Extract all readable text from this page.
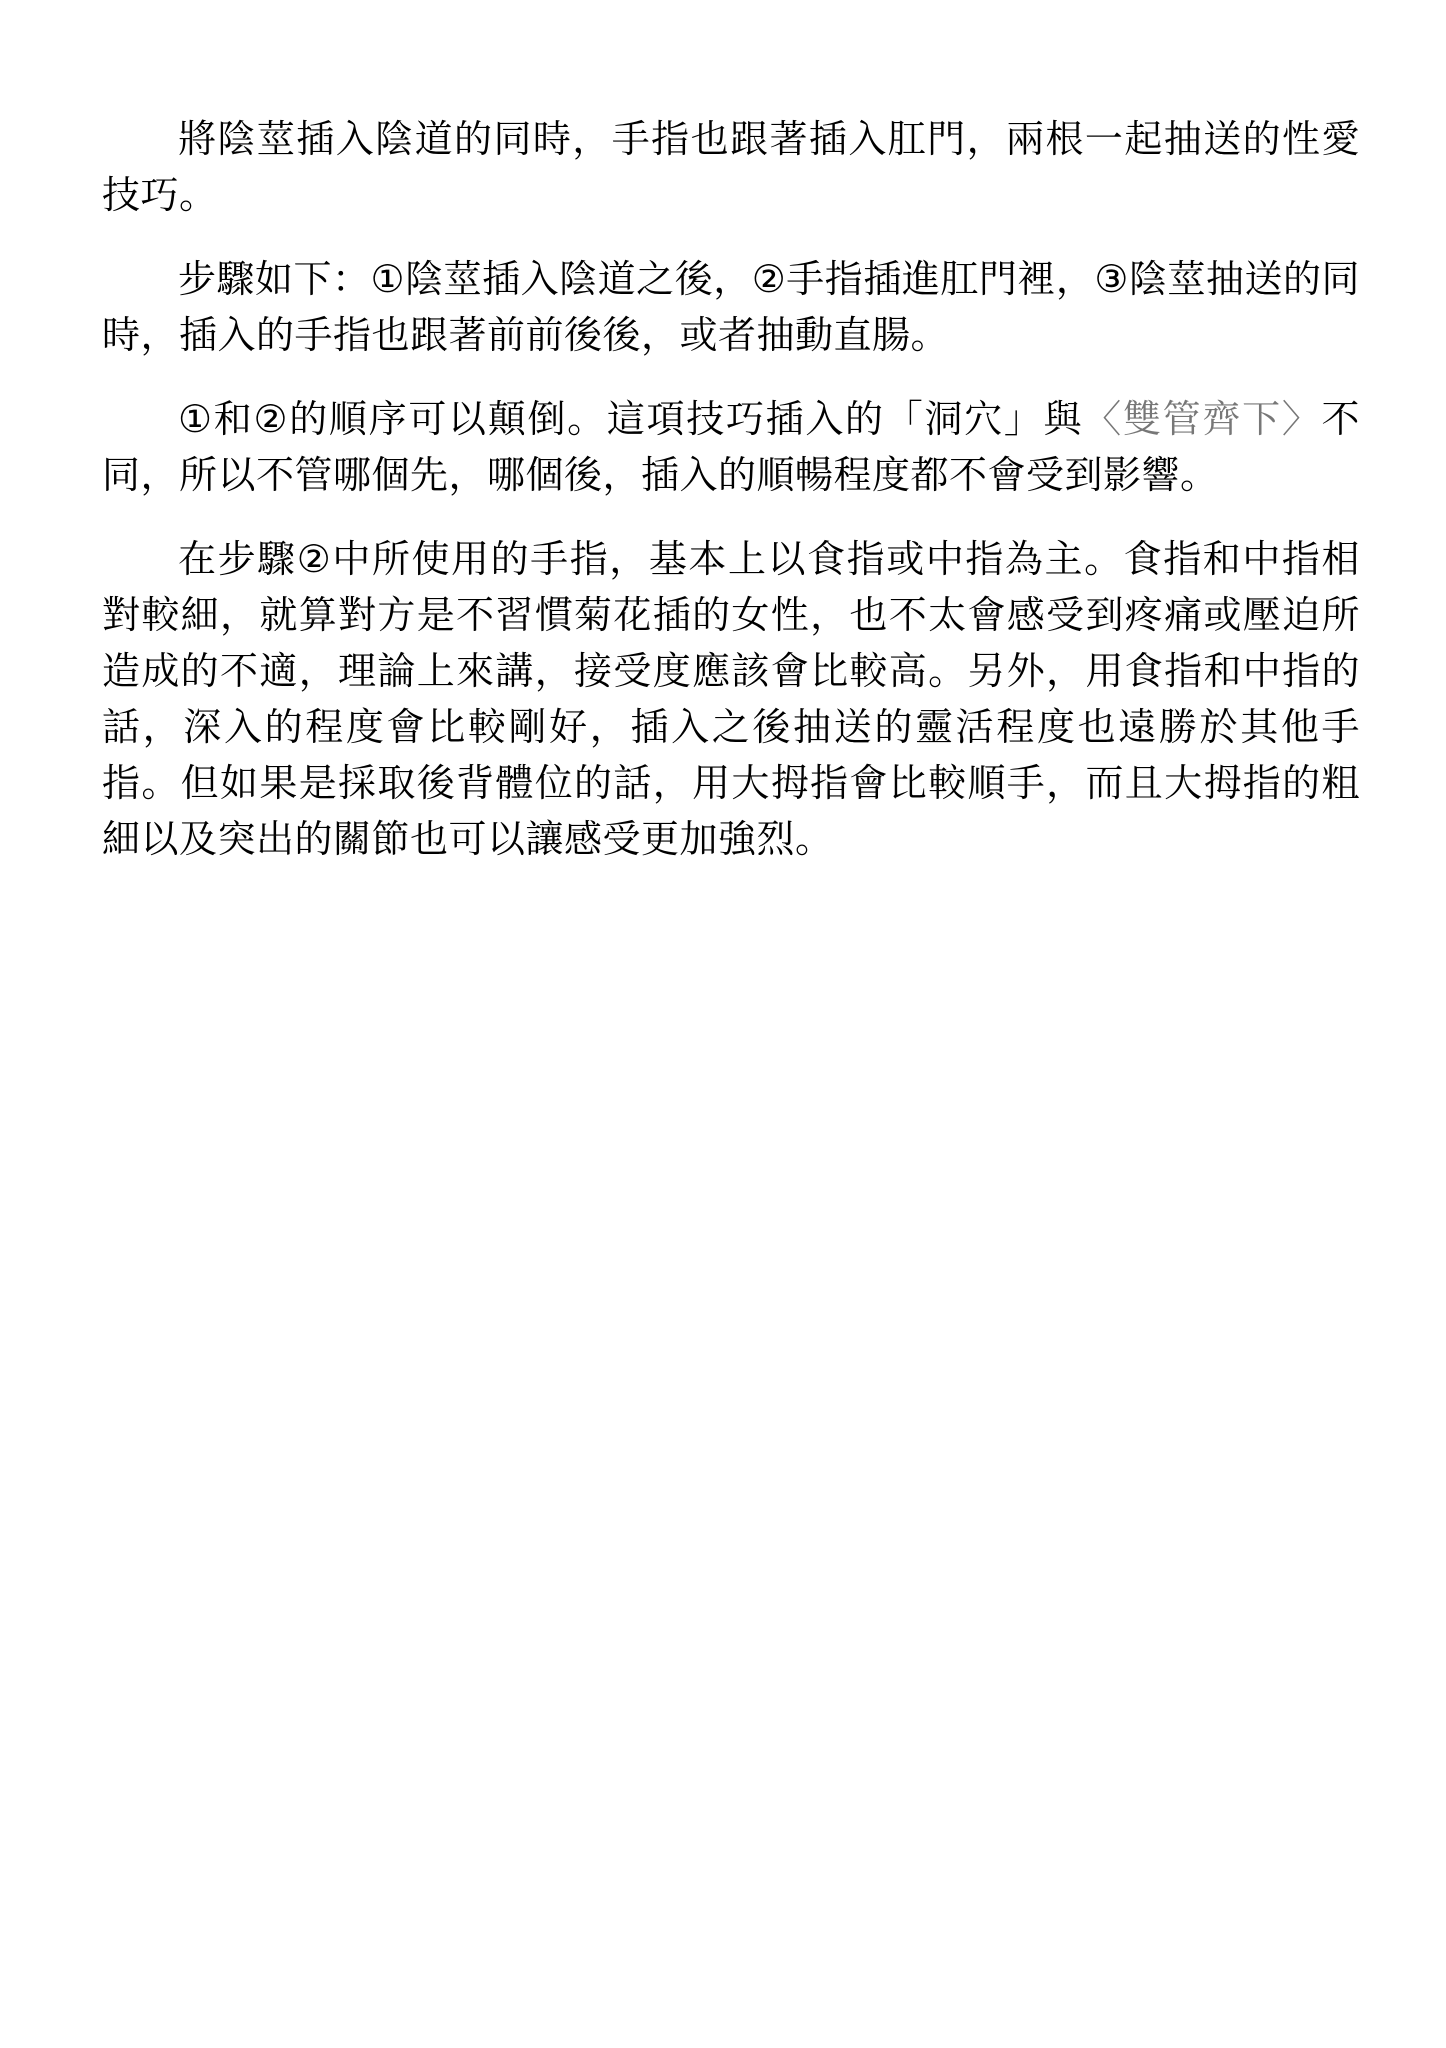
將陰莖插入陰道的同時，手指也跟著插入肛門，兩根一起抽送的性愛技巧。

步驟如下：①陰莖插入陰道之後，②手指插進肛門裡，③陰莖抽送的同時，插入的手指也跟著前前後後，或者抽動直腸。

①和②的順序可以顛倒。這項技巧插入的「洞穴」與〈雙管齊下〉不同，所以不管哪個先，哪個後，插入的順暢程度都不會受到影響。

在步驟②中所使用的手指，基本上以食指或中指為主。食指和中指相對較細，就算對方是不習慣菊花插的女性，也不太會感受到疼痛或壓迫所造成的不適，理論上來講，接受度應該會比較高。另外，用食指和中指的話，深入的程度會比較剛好，插入之後抽送的靈活程度也遠勝於其他手指。但如果是採取後背體位的話，用大拇指會比較順手，而且大拇指的粗細以及突出的關節也可以讓感受更加強烈。
